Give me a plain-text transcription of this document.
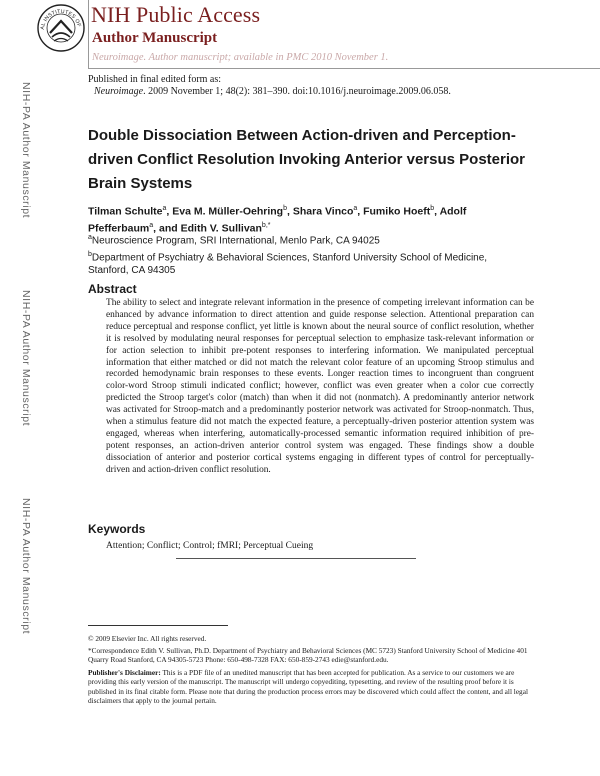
AL INSTITUTES OF NIH Public Access
Author Manuscript
Neuroimage. Author manuscript; available in PMC 2010 November 1.
Published in final edited form as:
Neuroimage. 2009 November 1; 48(2): 381–390. doi:10.1016/j.neuroimage.2009.06.058.
NIH-PA Author Manuscript
NIH-PA Author Manuscript
NIH-PA Author Manuscript
Double Dissociation Between Action-driven and Perception-driven Conflict Resolution Invoking Anterior versus Posterior Brain Systems
Tilman Schulte$^a$, Eva M. Müller-Oehring$^b$, Shara Vinco$^a$, Fumiko Hoeft$^b$, Adolf Pfefferbaum$^a$, and Edith V. Sullivan$^{b,*}$
$^a$Neuroscience Program, SRI International, Menlo Park, CA 94025
$^b$Department of Psychiatry & Behavioral Sciences, Stanford University School of Medicine, Stanford, CA 94305
Abstract
The ability to select and integrate relevant information in the presence of competing irrelevant information can be enhanced by advance information to direct attention and guide response selection. Attentional preparation can reduce perceptual and response conflict, yet little is known about the neural source of conflict resolution, whether it is resolved by modulating neural responses for perceptual selection to emphasize task-relevant information or for action selection to inhibit pre-potent responses to interfering information. We manipulated perceptual information that either matched or did not match the relevant color feature of an upcoming Stroop stimulus and recorded hemodynamic brain responses to these events. Longer reaction times to incongruent than congruent color-word Stroop stimuli indicated conflict; however, conflict was even greater when a color cue correctly predicted the Stroop target's color (match) than when it did not (nonmatch). A predominantly anterior network was activated for Stroop-match and a predominantly posterior network was activated for Stroop-nonmatch. Thus, when a stimulus feature did not match the expected feature, a perceptually-driven posterior attention system was engaged, whereas when interfering, automatically-processed semantic information required inhibition of pre-potent responses, an action-driven anterior control system was engaged. These findings show a double dissociation of anterior and posterior cortical systems engaging in different types of control for perceptually-driven and action-driven conflict resolution.
Keywords
Attention; Conflict; Control; fMRI; Perceptual Cueing
© 2009 Elsevier Inc. All rights reserved.
*Correspondence Edith V. Sullivan, Ph.D. Department of Psychiatry and Behavioral Sciences (MC 5723) Stanford University School of Medicine 401 Quarry Road Stanford, CA 94305-5723 Phone: 650-498-7328 FAX: 650-859-2743 edie@stanford.edu.
Publisher's Disclaimer: This is a PDF file of an unedited manuscript that has been accepted for publication. As a service to our customers we are providing this early version of the manuscript. The manuscript will undergo copyediting, typesetting, and review of the resulting proof before it is published in its final citable form. Please note that during the production process errors may be discovered which could affect the content, and all legal disclaimers that apply to the journal pertain.
